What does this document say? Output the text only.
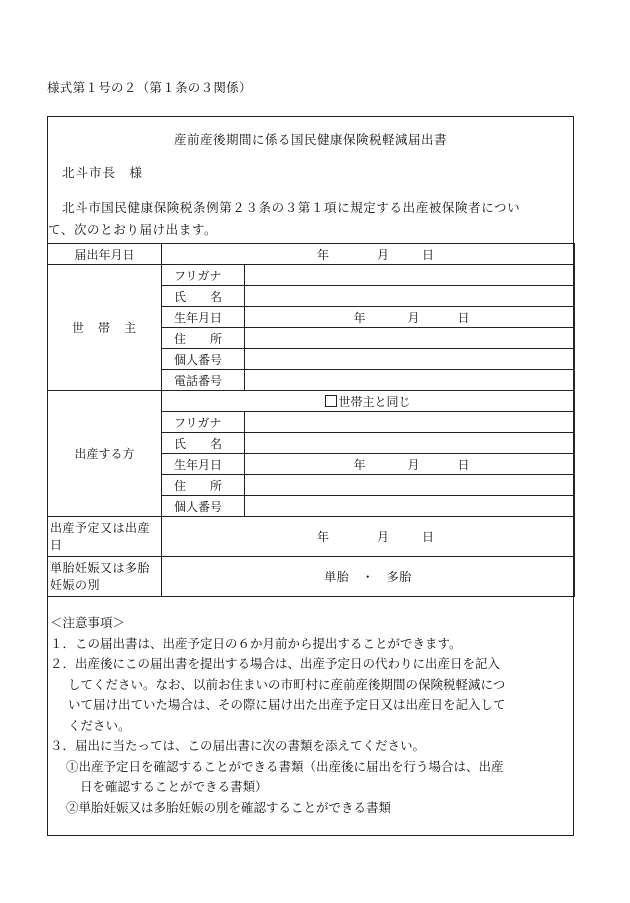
様式第１号の２（第１条の３関係）
産前産後期間に係る国民健康保険税軽減届出書
北斗市長　様
北斗市国民健康保険税条例第２３条の３第１項に規定する出産被保険者につい
て、次のとおり届け出ます。
届出年月日	年 月 日	
世　帯　主	フリガナ	
	氏　　名	
	生年月日	年 月 日
	住　　所	
	個人番号	
	電話番号	
出産する方	世帯主と同じ	
	フリガナ	
	氏　　名	
	生年月日	年 月 日
	住　　所	
	個人番号	
出産予定又は出産日	年 月 日	
単胎妊娠又は多胎妊娠の別	単胎　・　多胎	
＜注意事項＞
１．この届出書は、出産予定日の６か月前から提出することができます。
２．出産後にこの届出書を提出する場合は、出産予定日の代わりに出産日を記入
してください。なお、以前お住まいの市町村に産前産後期間の保険税軽減につ
いて届け出ていた場合は、その際に届け出た出産予定日又は出産日を記入して
ください。
３．届出に当たっては、この届出書に次の書類を添えてください。
①出産予定日を確認することができる書類（出産後に届出を行う場合は、出産
日を確認することができる書類）
②単胎妊娠又は多胎妊娠の別を確認することができる書類
